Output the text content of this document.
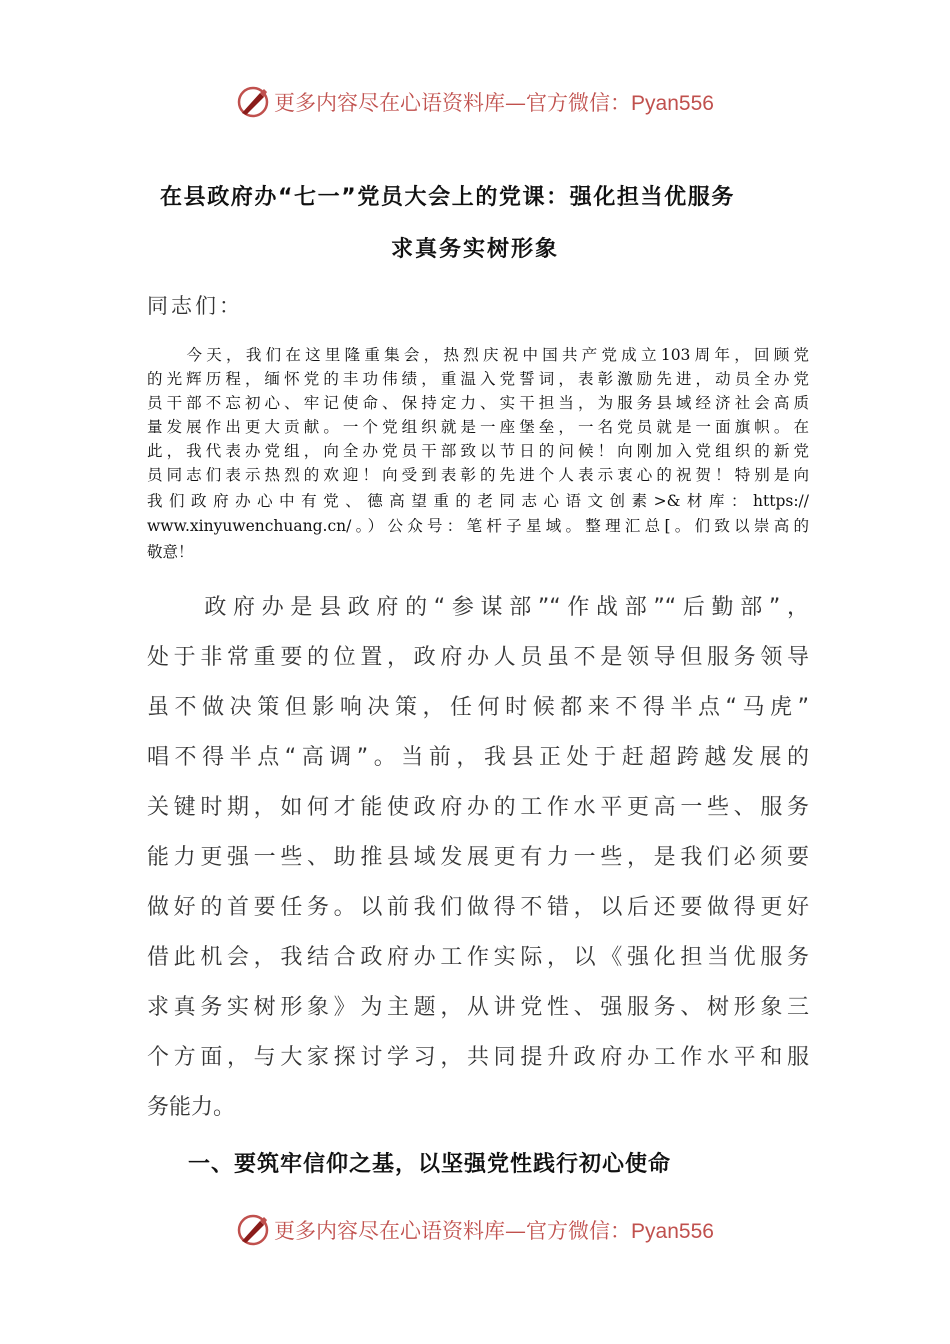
更多内容尽在心语资料库—官方微信：Pyan556
在县政府办“七一”党员大会上的党课：强化担当优服务
求真务实树形象
同志们：
　　今天，我们在这里隆重集会，热烈庆祝中国共产党成立103周年，回顾党
的光辉历程，缅怀党的丰功伟绩，重温入党誓词，表彰激励先进，动员全办党
员干部不忘初心、牢记使命、保持定力、实干担当，为服务县域经济社会高质
量发展作出更大贡献。一个党组织就是一座堡垒，一名党员就是一面旗帜。在
此，我代表办党组，向全办党员干部致以节日的问候！向刚加入党组织的新党
员同志们表示热烈的欢迎！向受到表彰的先进个人表示衷心的祝贺！特别是向
我们政府办心中有党、德高望重的老同志心语文创素>&材库：https://
www.xinyuwenchuang.cn/。）公众号：笔杆子星域。整理汇总[。们致以崇高的
敬意！
　　政府办是县政府的“参谋部”“作战部”“后勤部”，
处于非常重要的位置，政府办人员虽不是领导但服务领导
虽不做决策但影响决策，任何时候都来不得半点“马虎”
唱不得半点“高调”。当前，我县正处于赶超跨越发展的
关键时期，如何才能使政府办的工作水平更高一些、服务
能力更强一些、助推县域发展更有力一些，是我们必须要
做好的首要任务。以前我们做得不错，以后还要做得更好
借此机会，我结合政府办工作实际，以《强化担当优服务
求真务实树形象》为主题，从讲党性、强服务、树形象三
个方面，与大家探讨学习，共同提升政府办工作水平和服
务能力。
一、要筑牢信仰之基，以坚强党性践行初心使命
更多内容尽在心语资料库—官方微信：Pyan556
